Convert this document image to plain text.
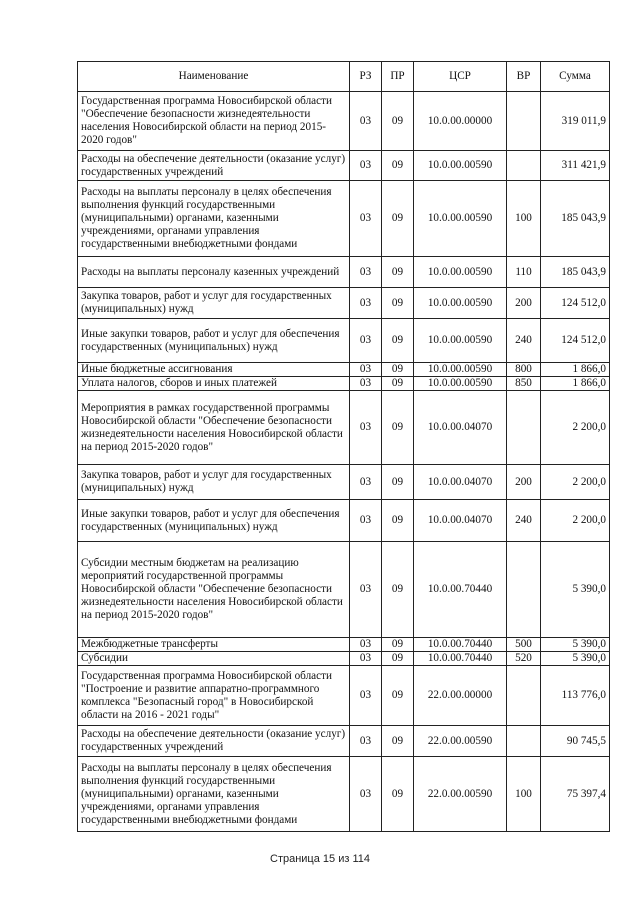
Наименование	РЗ	ПР	ЦСР	ВР	Сумма
Государственная программа Новосибирской области "Обеспечение безопасности жизнедеятельности населения Новосибирской области на период 2015-2020 годов"	03	09	10.0.00.00000		319 011,9
Расходы на обеспечение деятельности (оказание услуг) государственных учреждений	03	09	10.0.00.00590		311 421,9
Расходы на выплаты персоналу в целях обеспечения выполнения функций государственными (муниципальными) органами, казенными учреждениями, органами управления государственными внебюджетными фондами	03	09	10.0.00.00590	100	185 043,9
Расходы на выплаты персоналу казенных учреждений	03	09	10.0.00.00590	110	185 043,9
Закупка товаров, работ и услуг для государственных (муниципальных) нужд	03	09	10.0.00.00590	200	124 512,0
Иные закупки товаров, работ и услуг для обеспечения государственных (муниципальных) нужд	03	09	10.0.00.00590	240	124 512,0
Иные бюджетные ассигнования	03	09	10.0.00.00590	800	1 866,0
Уплата налогов, сборов и иных платежей	03	09	10.0.00.00590	850	1 866,0
Мероприятия в рамках государственной программы Новосибирской области "Обеспечение безопасности жизнедеятельности населения Новосибирской области на период 2015-2020 годов"	03	09	10.0.00.04070		2 200,0
Закупка товаров, работ и услуг для государственных (муниципальных) нужд	03	09	10.0.00.04070	200	2 200,0
Иные закупки товаров, работ и услуг для обеспечения государственных (муниципальных) нужд	03	09	10.0.00.04070	240	2 200,0
Субсидии местным бюджетам на реализацию мероприятий государственной программы Новосибирской области "Обеспечение безопасности жизнедеятельности населения Новосибирской области на период 2015-2020 годов"	03	09	10.0.00.70440		5 390,0
Межбюджетные трансферты	03	09	10.0.00.70440	500	5 390,0
Субсидии	03	09	10.0.00.70440	520	5 390,0
Государственная программа Новосибирской области "Построение и развитие аппаратно-программного комплекса "Безопасный город" в Новосибирской области на 2016 - 2021 годы"	03	09	22.0.00.00000		113 776,0
Расходы на обеспечение деятельности (оказание услуг) государственных учреждений	03	09	22.0.00.00590		90 745,5
Расходы на выплаты персоналу в целях обеспечения выполнения функций государственными (муниципальными) органами, казенными учреждениями, органами управления государственными внебюджетными фондами	03	09	22.0.00.00590	100	75 397,4
Страница 15 из 114
